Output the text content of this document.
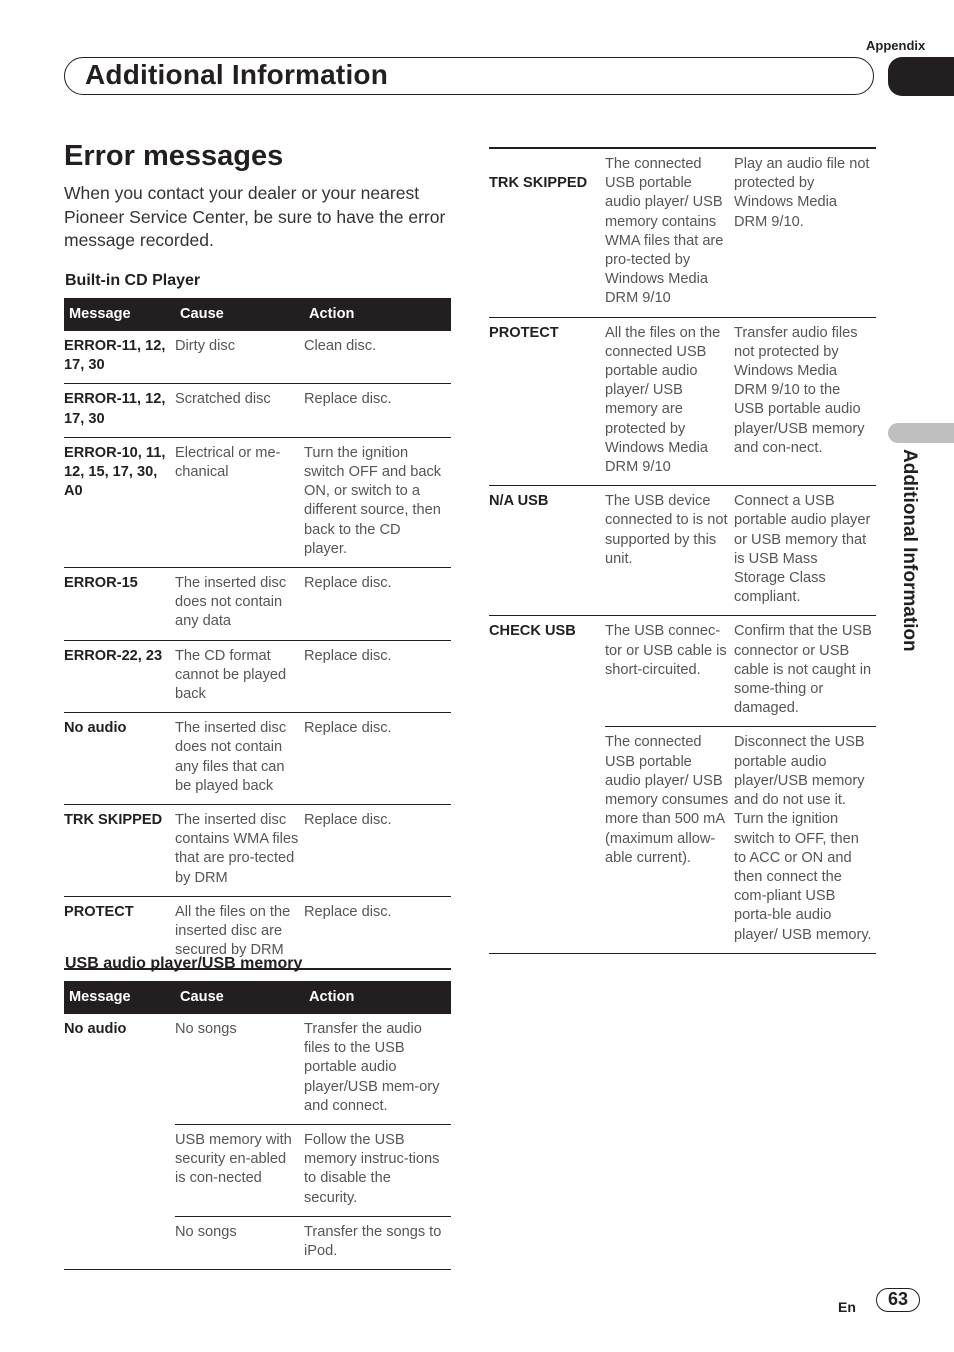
Appendix
Additional Information
Additional Information
Error messages
When you contact your dealer or your nearest Pioneer Service Center, be sure to have the error message recorded.
Built-in CD Player
Message	Cause	Action
ERROR-11, 12, 17, 30	Dirty disc	Clean disc.
ERROR-11, 12, 17, 30	Scratched disc	Replace disc.
ERROR-10, 11, 12, 15, 17, 30, A0	Electrical or me-chanical	Turn the ignition switch OFF and back ON, or switch to a different source, then back to the CD player.
ERROR-15	The inserted disc does not contain any data	Replace disc.
ERROR-22, 23	The CD format cannot be played back	Replace disc.
No audio	The inserted disc does not contain any files that can be played back	Replace disc.
TRK SKIPPED	The inserted disc contains WMA files that are pro-tected by DRM	Replace disc.
PROTECT	All the files on the inserted disc are secured by DRM	Replace disc.
USB audio player/USB memory
Message	Cause	Action
No audio	No songs	Transfer the audio files to the USB portable audio player/USB mem-ory and connect.
	USB memory with security en-abled is con-nected	Follow the USB memory instruc-tions to disable the security.
	No songs	Transfer the songs to iPod.
TRK SKIPPED	The connected USB portable audio player/ USB memory contains WMA files that are pro-tected by Windows Media DRM 9/10	Play an audio file not protected by Windows Media DRM 9/10.
PROTECT	All the files on the connected USB portable audio player/ USB memory are protected by Windows Media DRM 9/10	Transfer audio files not protected by Windows Media DRM 9/10 to the USB portable audio player/USB memory and con-nect.
N/A USB	The USB device connected to is not supported by this unit.	Connect a USB portable audio player or USB memory that is USB Mass Storage Class compliant.
CHECK USB	The USB connec-tor or USB cable is short-circuited.	Confirm that the USB connector or USB cable is not caught in some-thing or damaged.
	The connected USB portable audio player/ USB memory consumes more than 500 mA (maximum allow-able current).	Disconnect the USB portable audio player/USB memory and do not use it. Turn the ignition switch to OFF, then to ACC or ON and then connect the com-pliant USB porta-ble audio player/ USB memory.
En	63
